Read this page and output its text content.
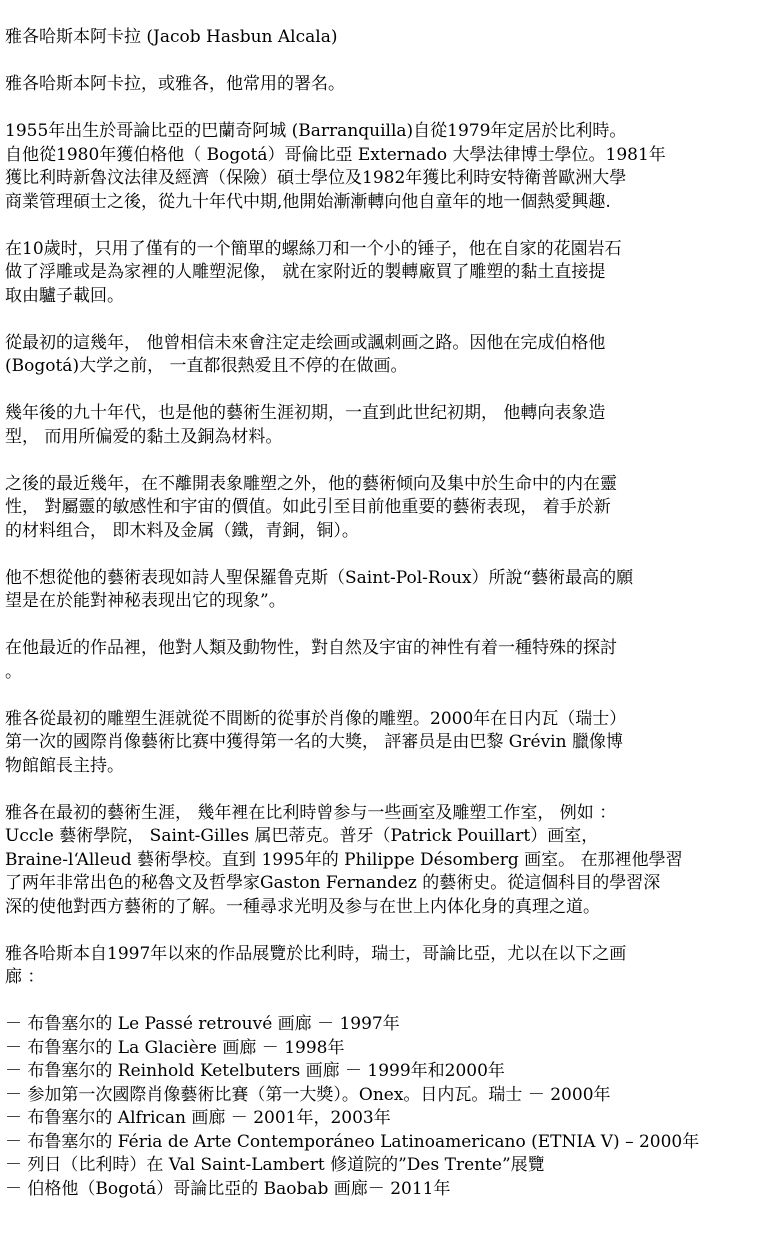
雅各哈斯本阿卡拉 (Jacob Hasbun Alcala)
雅各哈斯本阿卡拉，或雅各，他常用的署名。
1955年出生於哥論比亞的巴蘭奇阿城 (Barranquilla)自從1979年定居於比利時。
自他從1980年獲伯格他（ Bogotá）哥倫比亞 Externado 大學法律博士學位。1981年
獲比利時新魯汶法律及經濟（保險）碩士學位及1982年獲比利時安特衛普歐洲大學
商業管理碩士之後，從九十年代中期,他開始漸漸轉向他自童年的地一個熱愛興趣.
在10歲时，只用了僅有的一个簡單的螺絲刀和一个小的锤子，他在自家的花園岩石
做了浮雕或是為家裡的人雕塑泥像， 就在家附近的製轉廠買了雕塑的黏土直接提
取由驢子載回。
從最初的這幾年， 他曾相信未來會注定走绘画或諷刺画之路。因他在完成伯格他
(Bogotá)大学之前， 一直都很熱爱且不停的在做画。
幾年後的九十年代，也是他的藝術生涯初期，一直到此世纪初期， 他轉向表象造
型， 而用所偏爱的黏土及銅為材料。
之後的最近幾年，在不離開表象雕塑之外，他的藝術倾向及集中於生命中的内在靈
性， 對屬靈的敏感性和宇宙的價值。如此引至目前他重要的藝術表现， 着手於新
的材料组合， 即木料及金属（鐵，青銅，铜）。
他不想從他的藝術表现如詩人聖保羅鲁克斯（Saint-Pol-Roux）所說“藝術最高的願
望是在於能對神秘表现出它的现象”。
在他最近的作品裡，他對人類及動物性，對自然及宇宙的神性有着一種特殊的探討
。
雅各從最初的雕塑生涯就從不間断的從事於肖像的雕塑。2000年在日内瓦（瑞士）
第一次的國際肖像藝術比赛中獲得第一名的大獎， 評審员是由巴黎 Grévin 臘像博
物館館長主持。
雅各在最初的藝術生涯， 幾年裡在比利時曾参与一些画室及雕塑工作室， 例如 ：
Uccle 藝術學院， Saint-Gilles 属巴蒂克。普牙（Patrick Pouillart）画室，
Braine-l‘Alleud 藝術學校。直到 1995年的 Philippe Désomberg 画室。 在那裡他學習
了两年非常出色的秘魯文及哲學家Gaston Fernandez 的藝術史。從這個科目的學習深
深的使他對西方藝術的了解。一種尋求光明及参与在世上内体化身的真理之道。
雅各哈斯本自1997年以來的作品展覽於比利時，瑞士，哥論比亞，尤以在以下之画
廊 ：
－ 布鲁塞尔的 Le Passé retrouvé 画廊 － 1997年
－ 布鲁塞尔的 La Glacière 画廊 － 1998年
－ 布鲁塞尔的 Reinhold Ketelbuters 画廊 － 1999年和2000年
－ 参加第一次國際肖像藝術比賽（第一大獎）。Onex。日内瓦。瑞士 － 2000年
－ 布鲁塞尔的 Alfrican 画廊 － 2001年，2003年
－ 布鲁塞尔的 Féria de Arte Contemporáneo Latinoamericano (ETNIA V) – 2000年
－ 列日（比利時）在 Val Saint-Lambert 修道院的”Des Trente”展覽
－ 伯格他（Bogotá）哥論比亞的 Baobab 画廊－ 2011年
